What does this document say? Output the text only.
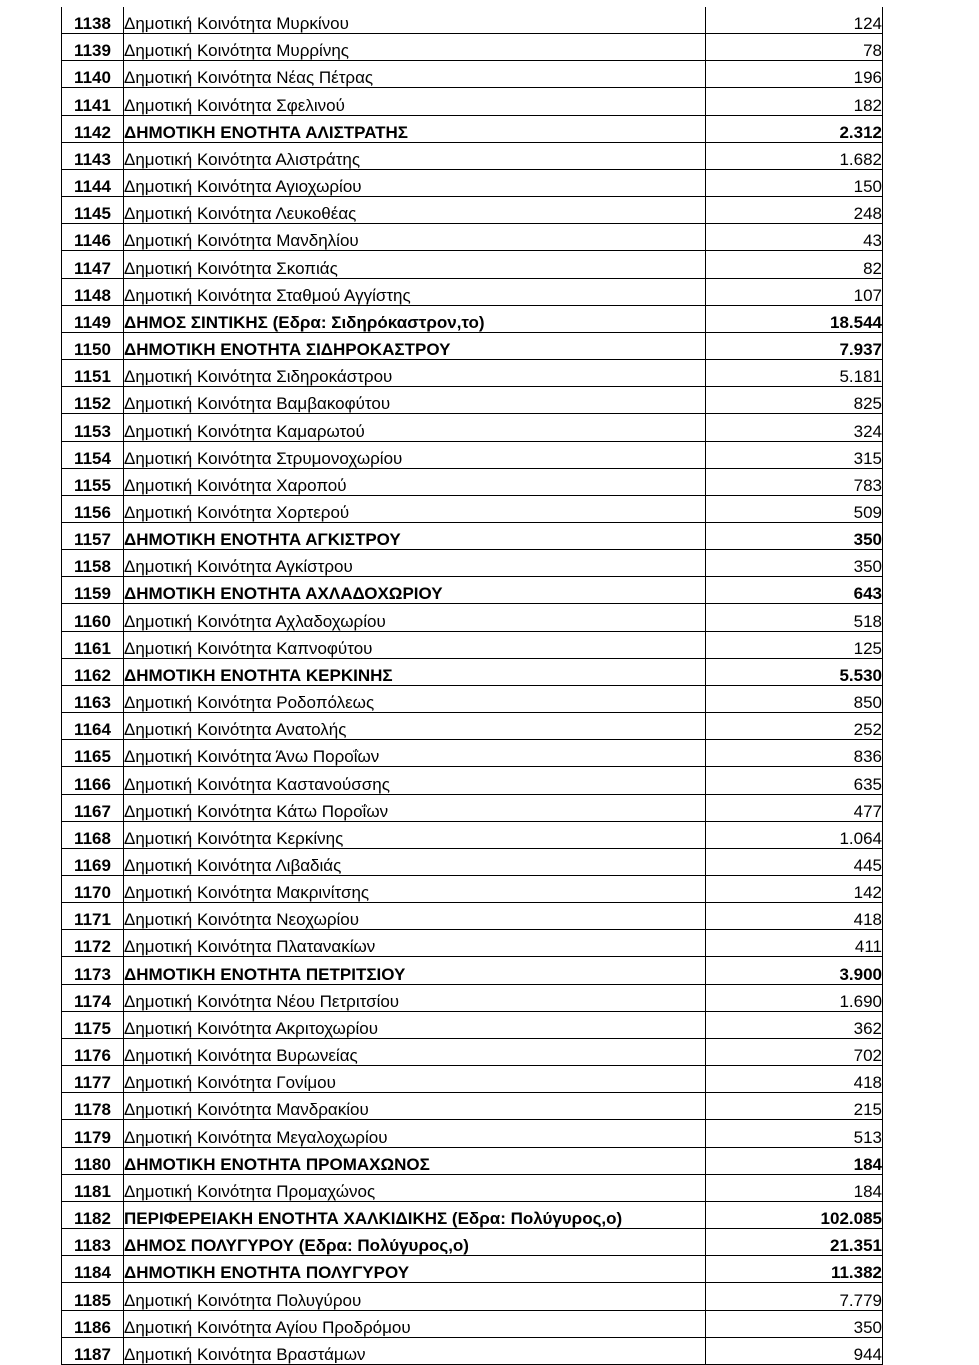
1138	Δημοτική Κοινότητα Μυρκίνου	124
1139	Δημοτική Κοινότητα Μυρρίνης	78
1140	Δημοτική Κοινότητα Νέας Πέτρας	196
1141	Δημοτική Κοινότητα Σφελινού	182
1142	ΔΗΜΟΤΙΚΗ ΕΝΟΤΗΤΑ ΑΛΙΣΤΡΑΤΗΣ	2.312
1143	Δημοτική Κοινότητα Αλιστράτης	1.682
1144	Δημοτική Κοινότητα Αγιοχωρίου	150
1145	Δημοτική Κοινότητα Λευκοθέας	248
1146	Δημοτική Κοινότητα Μανδηλίου	43
1147	Δημοτική Κοινότητα Σκοπιάς	82
1148	Δημοτική Κοινότητα Σταθμού Αγγίστης	107
1149	ΔΗΜΟΣ ΣΙΝΤΙΚΗΣ (Εδρα: Σιδηρόκαστρον,το)	18.544
1150	ΔΗΜΟΤΙΚΗ ΕΝΟΤΗΤΑ ΣΙΔΗΡΟΚΑΣΤΡΟΥ	7.937
1151	Δημοτική Κοινότητα Σιδηροκάστρου	5.181
1152	Δημοτική Κοινότητα Βαμβακοφύτου	825
1153	Δημοτική Κοινότητα Καμαρωτού	324
1154	Δημοτική Κοινότητα Στρυμονοχωρίου	315
1155	Δημοτική Κοινότητα Χαροπού	783
1156	Δημοτική Κοινότητα Χορτερού	509
1157	ΔΗΜΟΤΙΚΗ ΕΝΟΤΗΤΑ ΑΓΚΙΣΤΡΟΥ	350
1158	Δημοτική Κοινότητα Αγκίστρου	350
1159	ΔΗΜΟΤΙΚΗ ΕΝΟΤΗΤΑ ΑΧΛΑΔΟΧΩΡΙΟΥ	643
1160	Δημοτική Κοινότητα Αχλαδοχωρίου	518
1161	Δημοτική Κοινότητα Καπνοφύτου	125
1162	ΔΗΜΟΤΙΚΗ ΕΝΟΤΗΤΑ ΚΕΡΚΙΝΗΣ	5.530
1163	Δημοτική Κοινότητα Ροδοπόλεως	850
1164	Δημοτική Κοινότητα Ανατολής	252
1165	Δημοτική Κοινότητα Άνω Ποροΐων	836
1166	Δημοτική Κοινότητα Καστανούσσης	635
1167	Δημοτική Κοινότητα Κάτω Ποροΐων	477
1168	Δημοτική Κοινότητα Κερκίνης	1.064
1169	Δημοτική Κοινότητα Λιβαδιάς	445
1170	Δημοτική Κοινότητα Μακρινίτσης	142
1171	Δημοτική Κοινότητα Νεοχωρίου	418
1172	Δημοτική Κοινότητα Πλατανακίων	411
1173	ΔΗΜΟΤΙΚΗ ΕΝΟΤΗΤΑ ΠΕΤΡΙΤΣΙΟΥ	3.900
1174	Δημοτική Κοινότητα Νέου Πετριτσίου	1.690
1175	Δημοτική Κοινότητα Ακριτοχωρίου	362
1176	Δημοτική Κοινότητα Βυρωνείας	702
1177	Δημοτική Κοινότητα Γονίμου	418
1178	Δημοτική Κοινότητα Μανδρακίου	215
1179	Δημοτική Κοινότητα Μεγαλοχωρίου	513
1180	ΔΗΜΟΤΙΚΗ ΕΝΟΤΗΤΑ ΠΡΟΜΑΧΩΝΟΣ	184
1181	Δημοτική Κοινότητα Προμαχώνος	184
1182	ΠΕΡΙΦΕΡΕΙΑΚΗ ΕΝΟΤΗΤΑ ΧΑΛΚΙΔΙΚΗΣ (Εδρα: Πολύγυρος,ο)	102.085
1183	ΔΗΜΟΣ ΠΟΛΥΓΥΡΟΥ (Εδρα: Πολύγυρος,ο)	21.351
1184	ΔΗΜΟΤΙΚΗ ΕΝΟΤΗΤΑ ΠΟΛΥΓΥΡΟΥ	11.382
1185	Δημοτική Κοινότητα Πολυγύρου	7.779
1186	Δημοτική Κοινότητα Αγίου Προδρόμου	350
1187	Δημοτική Κοινότητα Βραστάμων	944
